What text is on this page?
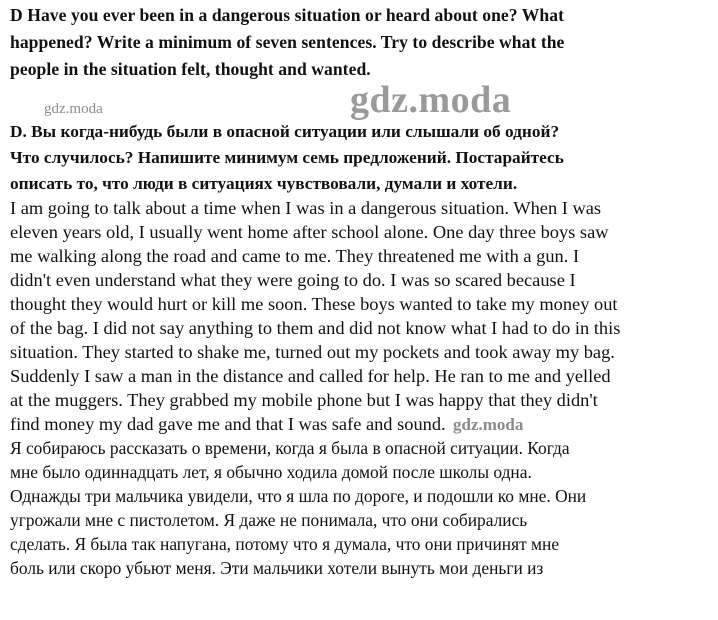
D Have you ever been in a dangerous situation or heard about one? What
happened? Write a minimum of seven sentences. Try to describe what the
people in the situation felt, thought and wanted.
gdz.moda	gdz.moda
D. Вы когда-нибудь были в опасной ситуации или слышали об одной?
Что случилось? Напишите минимум семь предложений. Постарайтесь
описать то, что люди в ситуациях чувствовали, думали и хотели.
I am going to talk about a time when I was in a dangerous situation. When I was
eleven years old, I usually went home after school alone. One day three boys saw
me walking along the road and came to me. They threatened me with a gun. I
didn't even understand what they were going to do. I was so scared because I
thought they would hurt or kill me soon. These boys wanted to take my money out
of the bag. I did not say anything to them and did not know what I had to do in this
situation. They started to shake me, turned out my pockets and took away my bag.
Suddenly I saw a man in the distance and called for help. He ran to me and yelled
at the muggers. They grabbed my mobile phone but I was happy that they didn't
find money my dad gave me and that I was safe and sound. gdz.moda
Я собираюсь рассказать о времени, когда я была в опасной ситуации. Когда
мне было одиннадцать лет, я обычно ходила домой после школы одна.
Однажды три мальчика увидели, что я шла по дороге, и подошли ко мне. Они
угрожали мне с пистолетом. Я даже не понимала, что они собирались
сделать. Я была так напугана, потому что я думала, что они причинят мне
боль или скоро убьют меня. Эти мальчики хотели вынуть мои деньги из
